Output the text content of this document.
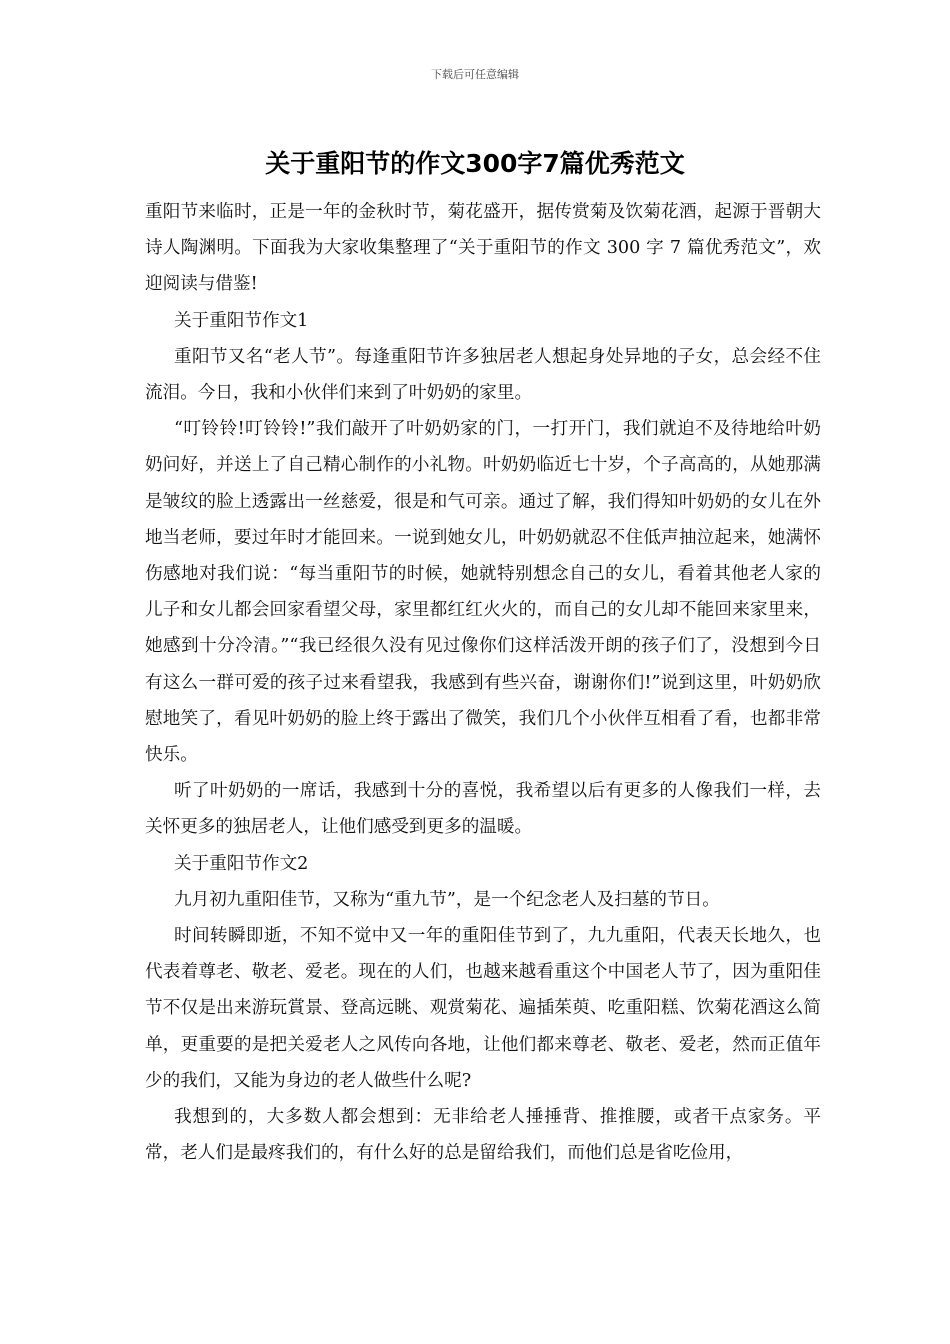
下载后可任意编辑
关于重阳节的作文300字7篇优秀范文

重阳节来临时，正是一年的金秋时节，菊花盛开，据传赏菊及饮菊花酒，起源于晋朝大诗人陶渊明。下面我为大家收集整理了“关于重阳节的作文 300 字 7 篇优秀范文”，欢迎阅读与借鉴!

关于重阳节作文1

重阳节又名“老人节”。每逢重阳节许多独居老人想起身处异地的子女，总会经不住流泪。今日，我和小伙伴们来到了叶奶奶的家里。

“叮铃铃!叮铃铃!”我们敲开了叶奶奶家的门，一打开门，我们就迫不及待地给叶奶奶问好，并送上了自己精心制作的小礼物。叶奶奶临近七十岁，个子高高的，从她那满是皱纹的脸上透露出一丝慈爱，很是和气可亲。通过了解，我们得知叶奶奶的女儿在外地当老师，要过年时才能回来。一说到她女儿，叶奶奶就忍不住低声抽泣起来，她满怀伤感地对我们说：“每当重阳节的时候，她就特别想念自己的女儿，看着其他老人家的儿子和女儿都会回家看望父母，家里都红红火火的，而自己的女儿却不能回来家里来，她感到十分冷清。”“我已经很久没有见过像你们这样活泼开朗的孩子们了，没想到今日有这么一群可爱的孩子过来看望我，我感到有些兴奋，谢谢你们!”说到这里，叶奶奶欣慰地笑了，看见叶奶奶的脸上终于露出了微笑，我们几个小伙伴互相看了看，也都非常快乐。

听了叶奶奶的一席话，我感到十分的喜悦，我希望以后有更多的人像我们一样，去关怀更多的独居老人，让他们感受到更多的温暖。

关于重阳节作文2

九月初九重阳佳节，又称为“重九节”，是一个纪念老人及扫墓的节日。

时间转瞬即逝，不知不觉中又一年的重阳佳节到了，九九重阳，代表天长地久，也代表着尊老、敬老、爱老。现在的人们，也越来越看重这个中国老人节了，因为重阳佳节不仅是出来游玩賞景、登高远眺、观赏菊花、遍插茱萸、吃重阳糕、饮菊花酒这么简单，更重要的是把关爱老人之风传向各地，让他们都来尊老、敬老、爱老，然而正值年少的我们，又能为身边的老人做些什么呢?

我想到的，大多数人都会想到：无非给老人捶捶背、推推腰，或者干点家务。平常，老人们是最疼我们的，有什么好的总是留给我们，而他们总是省吃俭用，
